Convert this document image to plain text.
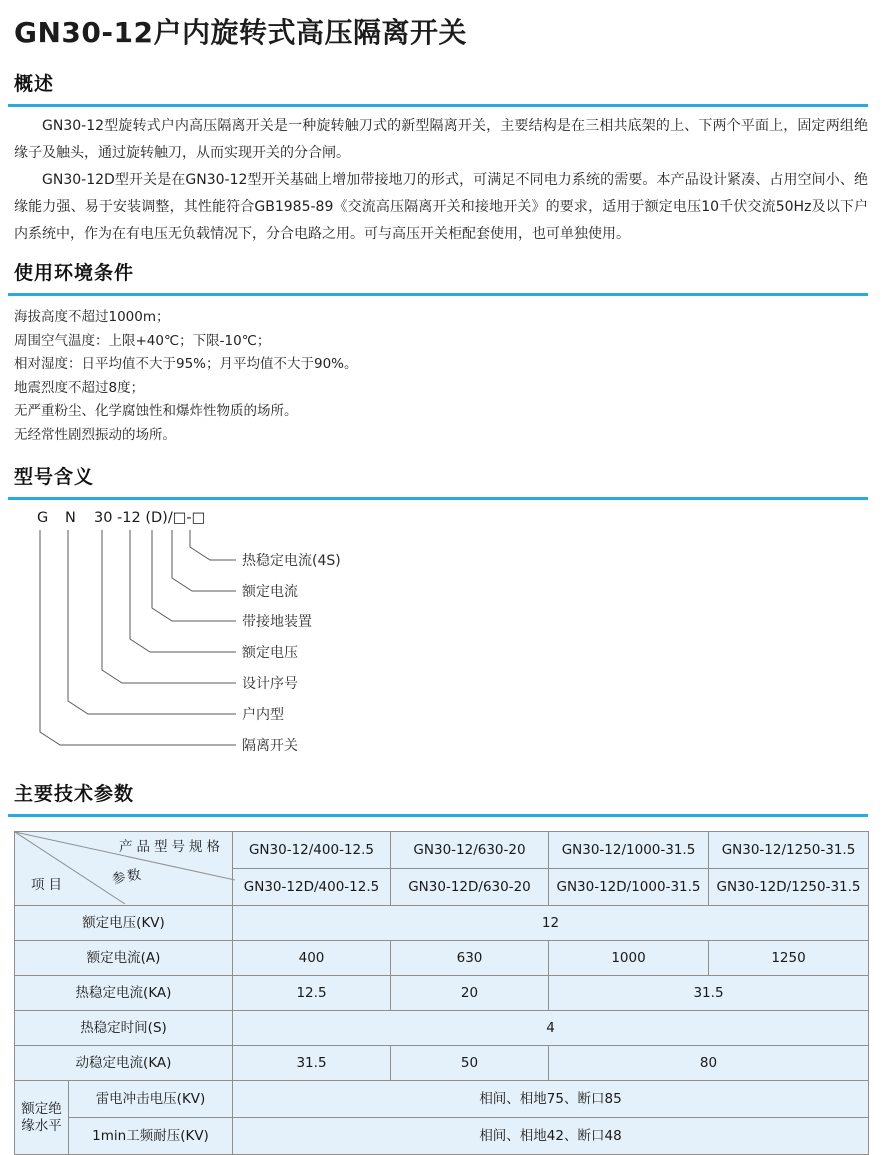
GN30-12户内旋转式高压隔离开关
概述

GN30-12型旋转式户内高压隔离开关是一种旋转触刀式的新型隔离开关，主要结构是在三相共底架的上、下两个平面上，固定两组绝缘子及触头，通过旋转触刀，从而实现开关的分合闸。

GN30-12D型开关是在GN30-12型开关基础上增加带接地刀的形式，可满足不同电力系统的需要。本产品设计紧凑、占用空间小、绝缘能力强、易于安装调整，其性能符合GB1985-89《交流高压隔离开关和接地开关》的要求，适用于额定电压10千伏交流50Hz及以下户内系统中，作为在有电压无负载情况下，分合电路之用。可与高压开关柜配套使用，也可单独使用。

使用环境条件
海拔高度不超过1000m；
周围空气温度：上限+40℃；下限-10℃；
相对湿度：日平均值不大于95%；月平均值不大于90%。
地震烈度不超过8度；
无严重粉尘、化学腐蚀性和爆炸性物质的场所。
无经常性剧烈振动的场所。
型号含义
G N 30 -12 (D)/□-□
热稳定电流(4S)
额定电流
带接地装置
额定电压
设计序号
户内型
隔离开关
主要技术参数
产品型号规格
参数
项目		GN30-12/400-12.5	GN30-12/630-20	GN30-12/1000-31.5	GN30-12/1250-31.5
		GN30-12D/400-12.5	GN30-12D/630-20	GN30-12D/1000-31.5	GN30-12D/1250-31.5
额定电压(KV)		12			
额定电流(A)		400	630	1000	1250
热稳定电流(KA)		12.5	20	31.5	
热稳定时间(S)		4			
动稳定电流(KA)		31.5	50	80	
额定绝缘水平	雷电冲击电压(KV)	相间、相地75、断口85			
	1min工频耐压(KV)	相间、相地42、断口48			
